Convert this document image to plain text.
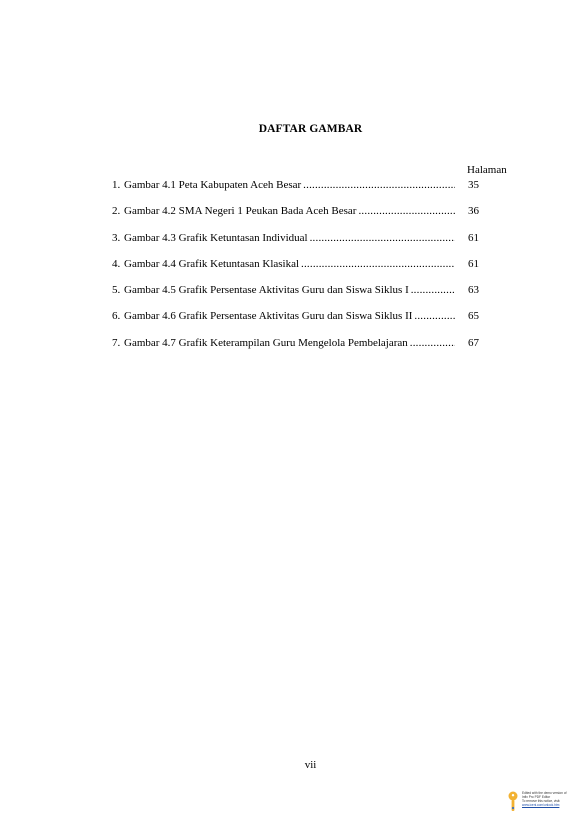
DAFTAR GAMBAR
Halaman
1. Gambar 4.1 Peta Kabupaten Aceh Besar .....	35
2. Gambar 4.2 SMA Negeri 1 Peukan Bada Aceh Besar .....	36
3. Gambar 4.3 Grafik Ketuntasan Individual .....	61
4. Gambar 4.4 Grafik Ketuntasan Klasikal .....	61
5. Gambar 4.5 Grafik Persentase Aktivitas Guru dan Siswa Siklus I .....	63
6. Gambar 4.6 Grafik Persentase Aktivitas Guru dan Siswa Siklus II .....	65
7. Gambar 4.7 Grafik Keterampilan Guru Mengelola Pembelajaran .....	67
vii
Edited with the demo version of
Infix Pro PDF Editor
To remove this notice, visit:
www.iceni.com/unlock.htm
